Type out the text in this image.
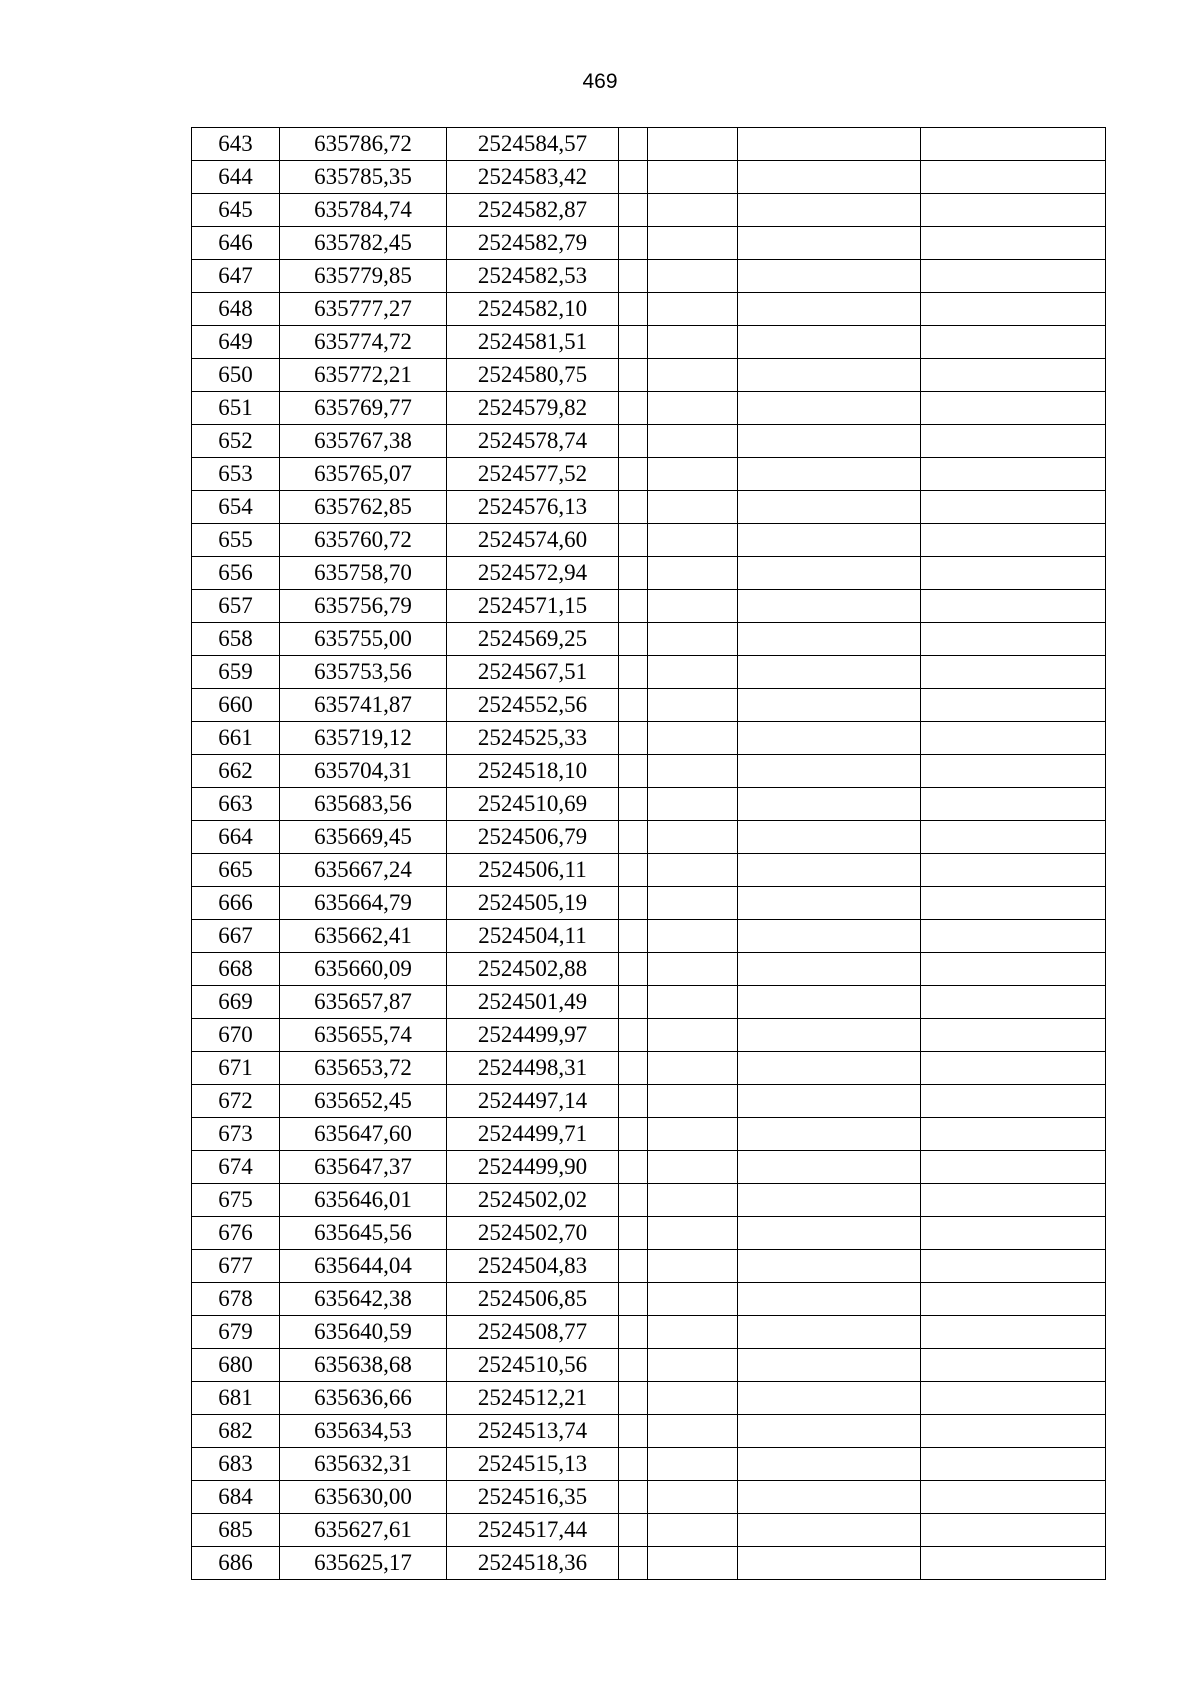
469
643	635786,72	2524584,57				
644	635785,35	2524583,42				
645	635784,74	2524582,87				
646	635782,45	2524582,79				
647	635779,85	2524582,53				
648	635777,27	2524582,10				
649	635774,72	2524581,51				
650	635772,21	2524580,75				
651	635769,77	2524579,82				
652	635767,38	2524578,74				
653	635765,07	2524577,52				
654	635762,85	2524576,13				
655	635760,72	2524574,60				
656	635758,70	2524572,94				
657	635756,79	2524571,15				
658	635755,00	2524569,25				
659	635753,56	2524567,51				
660	635741,87	2524552,56				
661	635719,12	2524525,33				
662	635704,31	2524518,10				
663	635683,56	2524510,69				
664	635669,45	2524506,79				
665	635667,24	2524506,11				
666	635664,79	2524505,19				
667	635662,41	2524504,11				
668	635660,09	2524502,88				
669	635657,87	2524501,49				
670	635655,74	2524499,97				
671	635653,72	2524498,31				
672	635652,45	2524497,14				
673	635647,60	2524499,71				
674	635647,37	2524499,90				
675	635646,01	2524502,02				
676	635645,56	2524502,70				
677	635644,04	2524504,83				
678	635642,38	2524506,85				
679	635640,59	2524508,77				
680	635638,68	2524510,56				
681	635636,66	2524512,21				
682	635634,53	2524513,74				
683	635632,31	2524515,13				
684	635630,00	2524516,35				
685	635627,61	2524517,44				
686	635625,17	2524518,36				
